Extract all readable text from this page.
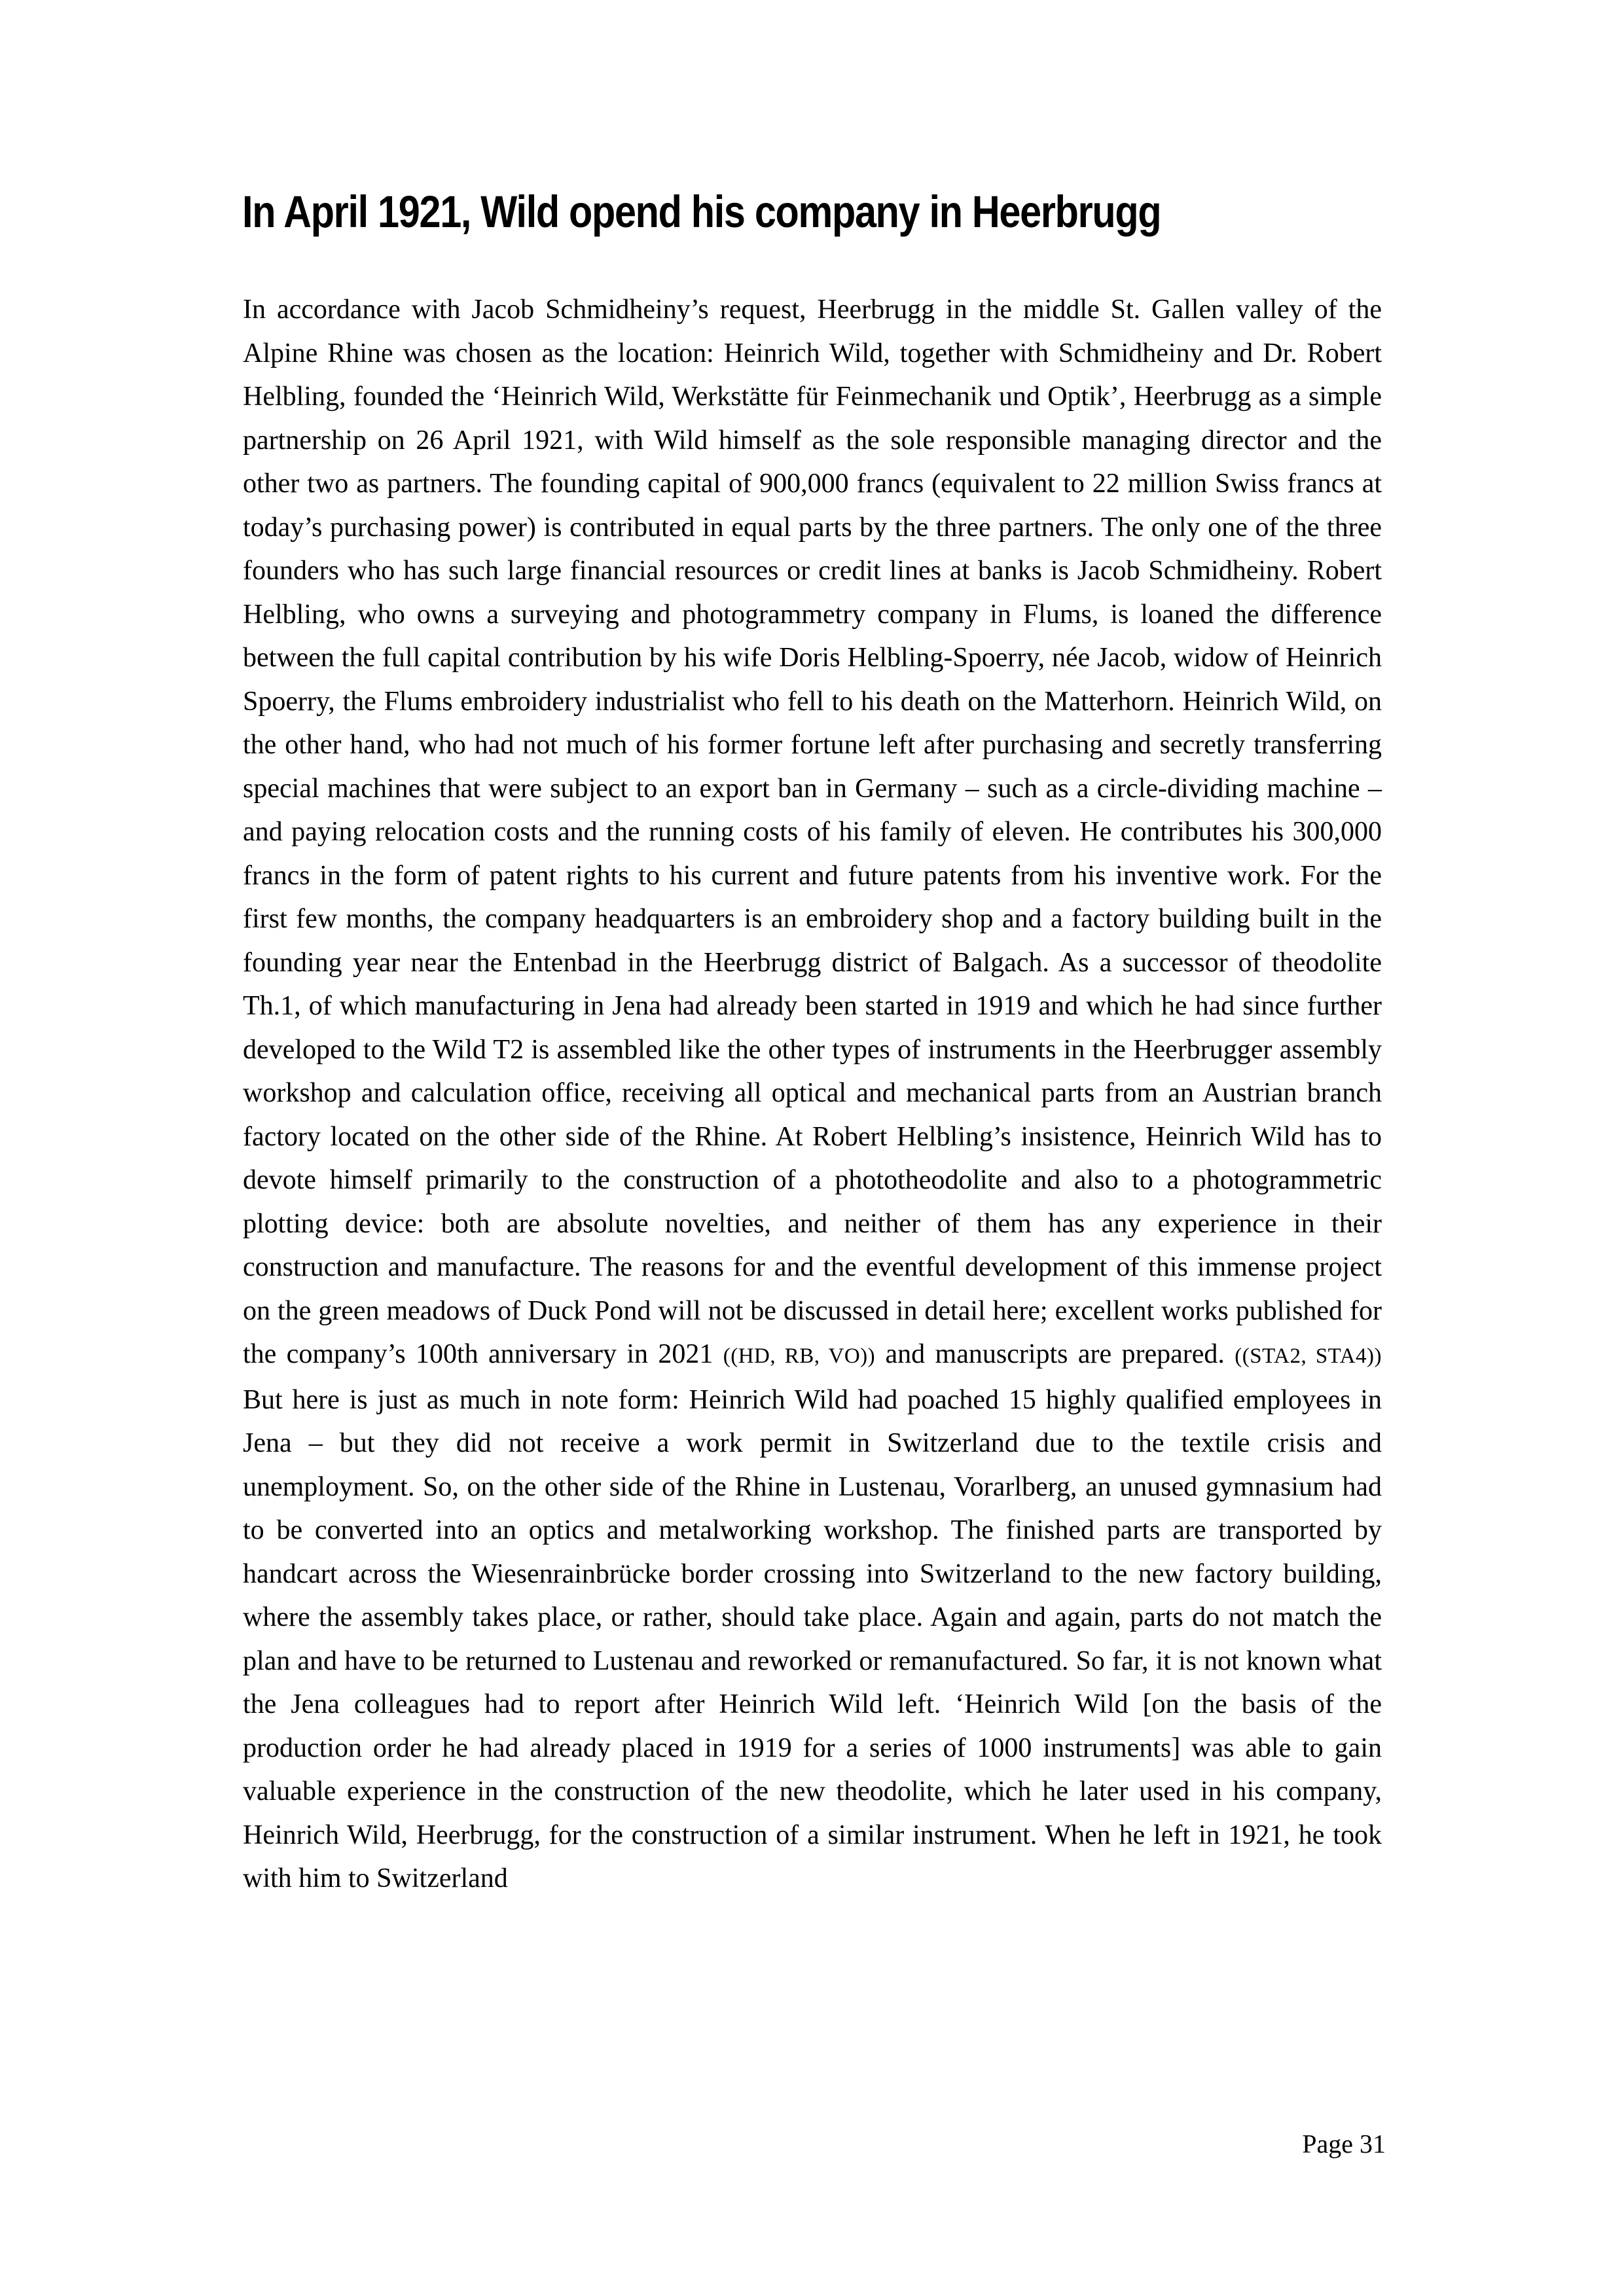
In April 1921, Wild opend his company in Heerbrugg

In accordance with Jacob Schmidheiny’s request, Heerbrugg in the middle St. Gallen valley of the Alpine Rhine was chosen as the location: Heinrich Wild, together with Schmidheiny and Dr. Robert Helbling, founded the ‘Heinrich Wild, Werkstätte für Feinmechanik und Optik’, Heerbrugg as a simple partnership on 26 April 1921, with Wild himself as the sole responsible managing director and the other two as partners. The founding capital of 900,000 francs (equivalent to 22 million Swiss francs at today’s purchasing power) is contributed in equal parts by the three partners. The only one of the three founders who has such large financial resources or credit lines at banks is Jacob Schmidheiny. Robert Helbling, who owns a surveying and photogrammetry company in Flums, is loaned the difference between the full capital contribution by his wife Doris Helbling-Spoerry, née Jacob, widow of Heinrich Spoerry, the Flums embroidery industrialist who fell to his death on the Matterhorn. Heinrich Wild, on the other hand, who had not much of his former fortune left after purchasing and secretly transferring special machines that were subject to an export ban in Germany – such as a circle-dividing machine – and paying relocation costs and the running costs of his family of eleven. He contributes his 300,000 francs in the form of patent rights to his current and future patents from his inventive work. For the first few months, the company headquarters is an embroidery shop and a factory building built in the founding year near the Entenbad in the Heerbrugg district of Balgach. As a successor of theodolite Th.1, of which manufacturing in Jena had already been started in 1919 and which he had since further developed to the Wild T2 is assembled like the other types of instruments in the Heerbrugger assembly workshop and calculation office, receiving all optical and mechanical parts from an Austrian branch factory located on the other side of the Rhine. At Robert Helbling’s insistence, Heinrich Wild has to devote himself primarily to the construction of a phototheodolite and also to a photogrammetric plotting device: both are absolute novelties, and neither of them has any experience in their construction and manufacture. The reasons for and the eventful development of this immense project on the green meadows of Duck Pond will not be discussed in detail here; excellent works published for the company’s 100th anniversary in 2021 ((HD, RB, VO)) and manuscripts are prepared. ((STA2, STA4)) But here is just as much in note form: Heinrich Wild had poached 15 highly qualified employees in Jena – but they did not receive a work permit in Switzerland due to the textile crisis and unemployment. So, on the other side of the Rhine in Lustenau, Vorarlberg, an unused gymnasium had to be converted into an optics and metalworking workshop. The finished parts are transported by handcart across the Wiesenrainbrücke border crossing into Switzerland to the new factory building, where the assembly takes place, or rather, should take place. Again and again, parts do not match the plan and have to be returned to Lustenau and reworked or remanufactured. So far, it is not known what the Jena colleagues had to report after Heinrich Wild left. ‘Heinrich Wild [on the basis of the production order he had already placed in 1919 for a series of 1000 instruments] was able to gain valuable experience in the construction of the new theodolite, which he later used in his company, Heinrich Wild, Heerbrugg, for the construction of a similar instrument. When he left in 1921, he took with him to Switzerland

Page 31
